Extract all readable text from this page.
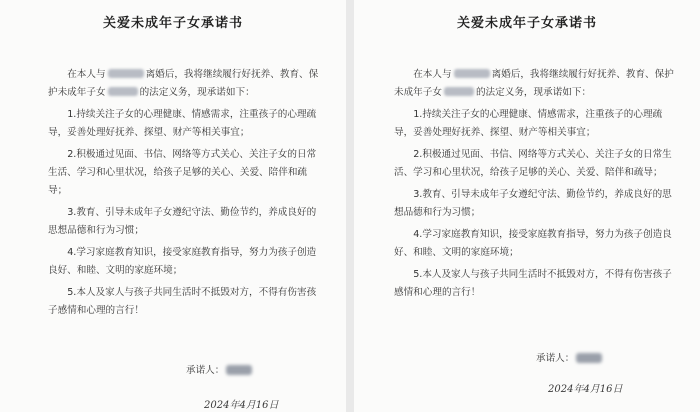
关爱未成年子女承诺书

在本人与	离婚后，我将继续履行好抚养、教育、保护未成年子女	的法定义务，现承诺如下：

1.持续关注子女的心理健康、情感需求，注重孩子的心理疏导，妥善处理好抚养、探望、财产等相关事宜；

2.积极通过见面、书信、网络等方式关心、关注子女的日常生活、学习和心里状况，给孩子足够的关心、关爱、陪伴和疏导；

3.教育、引导未成年子女遵纪守法、勤俭节约，养成良好的思想品德和行为习惯；

4.学习家庭教育知识，接受家庭教育指导，努力为孩子创造良好、和睦、文明的家庭环境；

5.本人及家人与孩子共同生活时不抵毁对方，不得有伤害孩子感情和心理的言行！

承诺人：
2024年4月16日
关爱未成年子女承诺书

在本人与	离婚后，我将继续履行好抚养、教育、保护未成年子女	的法定义务，现承诺如下：

1.持续关注子女的心理健康、情感需求，注重孩子的心理疏导，妥善处理好抚养、探望、财产等相关事宜；

2.积极通过见面、书信、网络等方式关心、关注子女的日常生活、学习和心里状况，给孩子足够的关心、关爱、陪伴和疏导；

3.教育、引导未成年子女遵纪守法、勤俭节约，养成良好的思想品德和行为习惯；

4.学习家庭教育知识，接受家庭教育指导，努力为孩子创造良好、和睦、文明的家庭环境；

5.本人及家人与孩子共同生活时不抵毁对方，不得有伤害孩子感情和心理的言行！

承诺人：
2024年4月16日
